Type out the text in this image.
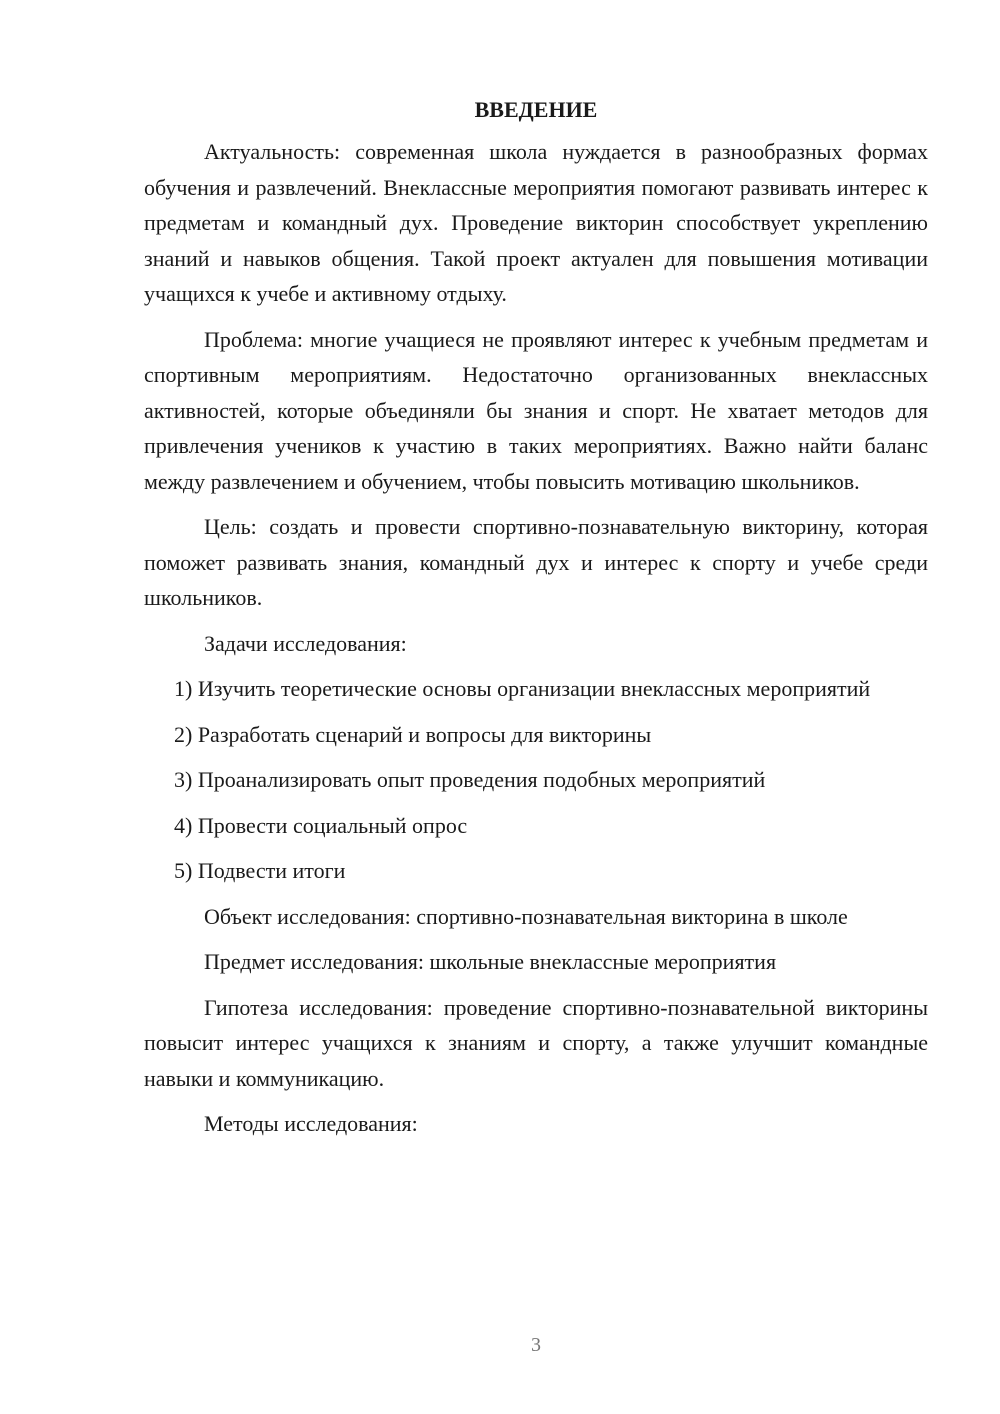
ВВЕДЕНИЕ

Актуальность: современная школа нуждается в разнообразных формах обучения и развлечений. Внеклассные мероприятия помогают развивать интерес к предметам и командный дух. Проведение викторин способствует укреплению знаний и навыков общения. Такой проект актуален для повышения мотивации учащихся к учебе и активному отдыху.

Проблема: многие учащиеся не проявляют интерес к учебным предметам и спортивным мероприятиям. Недостаточно организованных внеклассных активностей, которые объединяли бы знания и спорт. Не хватает методов для привлечения учеников к участию в таких мероприятиях. Важно найти баланс между развлечением и обучением, чтобы повысить мотивацию школьников.

Цель: создать и провести спортивно-познавательную викторину, которая поможет развивать знания, командный дух и интерес к спорту и учебе среди школьников.

Задачи исследования:

1) Изучить теоретические основы организации внеклассных мероприятий

2) Разработать сценарий и вопросы для викторины

3) Проанализировать опыт проведения подобных мероприятий

4) Провести социальный опрос

5) Подвести итоги

Объект исследования: спортивно-познавательная викторина в школе

Предмет исследования: школьные внеклассные мероприятия

Гипотеза исследования: проведение спортивно-познавательной викторины повысит интерес учащихся к знаниям и спорту, а также улучшит командные навыки и коммуникацию.

Методы исследования:

3
